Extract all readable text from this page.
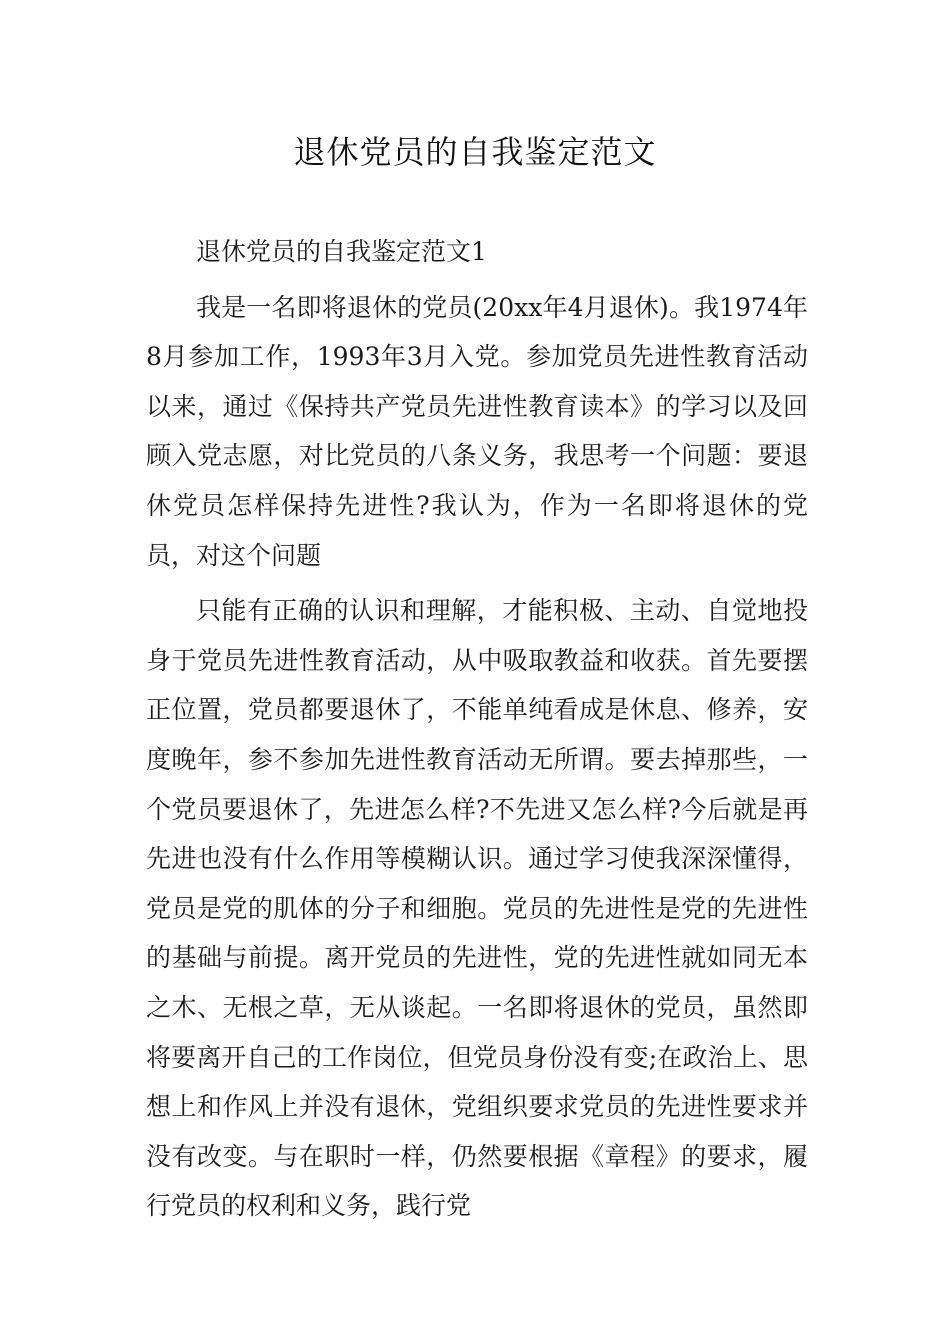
退休党员的自我鉴定范文

退休党员的自我鉴定范文1

我是一名即将退休的党员(20xx年4月退休)。我1974年8月参加工作，1993年3月入党。参加党员先进性教育活动以来，通过《保持共产党员先进性教育读本》的学习以及回顾入党志愿，对比党员的八条义务，我思考一个问题：要退休党员怎样保持先进性?我认为，作为一名即将退休的党员，对这个问题

只能有正确的认识和理解，才能积极、主动、自觉地投身于党员先进性教育活动，从中吸取教益和收获。首先要摆正位置，党员都要退休了，不能单纯看成是休息、修养，安度晚年，参不参加先进性教育活动无所谓。要去掉那些，一个党员要退休了，先进怎么样?不先进又怎么样?今后就是再先进也没有什么作用等模糊认识。通过学习使我深深懂得，党员是党的肌体的分子和细胞。党员的先进性是党的先进性的基础与前提。离开党员的先进性，党的先进性就如同无本之木、无根之草，无从谈起。一名即将退休的党员，虽然即将要离开自己的工作岗位，但党员身份没有变;在政治上、思想上和作风上并没有退休，党组织要求党员的先进性要求并没有改变。与在职时一样，仍然要根据《章程》的要求，履行党员的权利和义务，践行党
